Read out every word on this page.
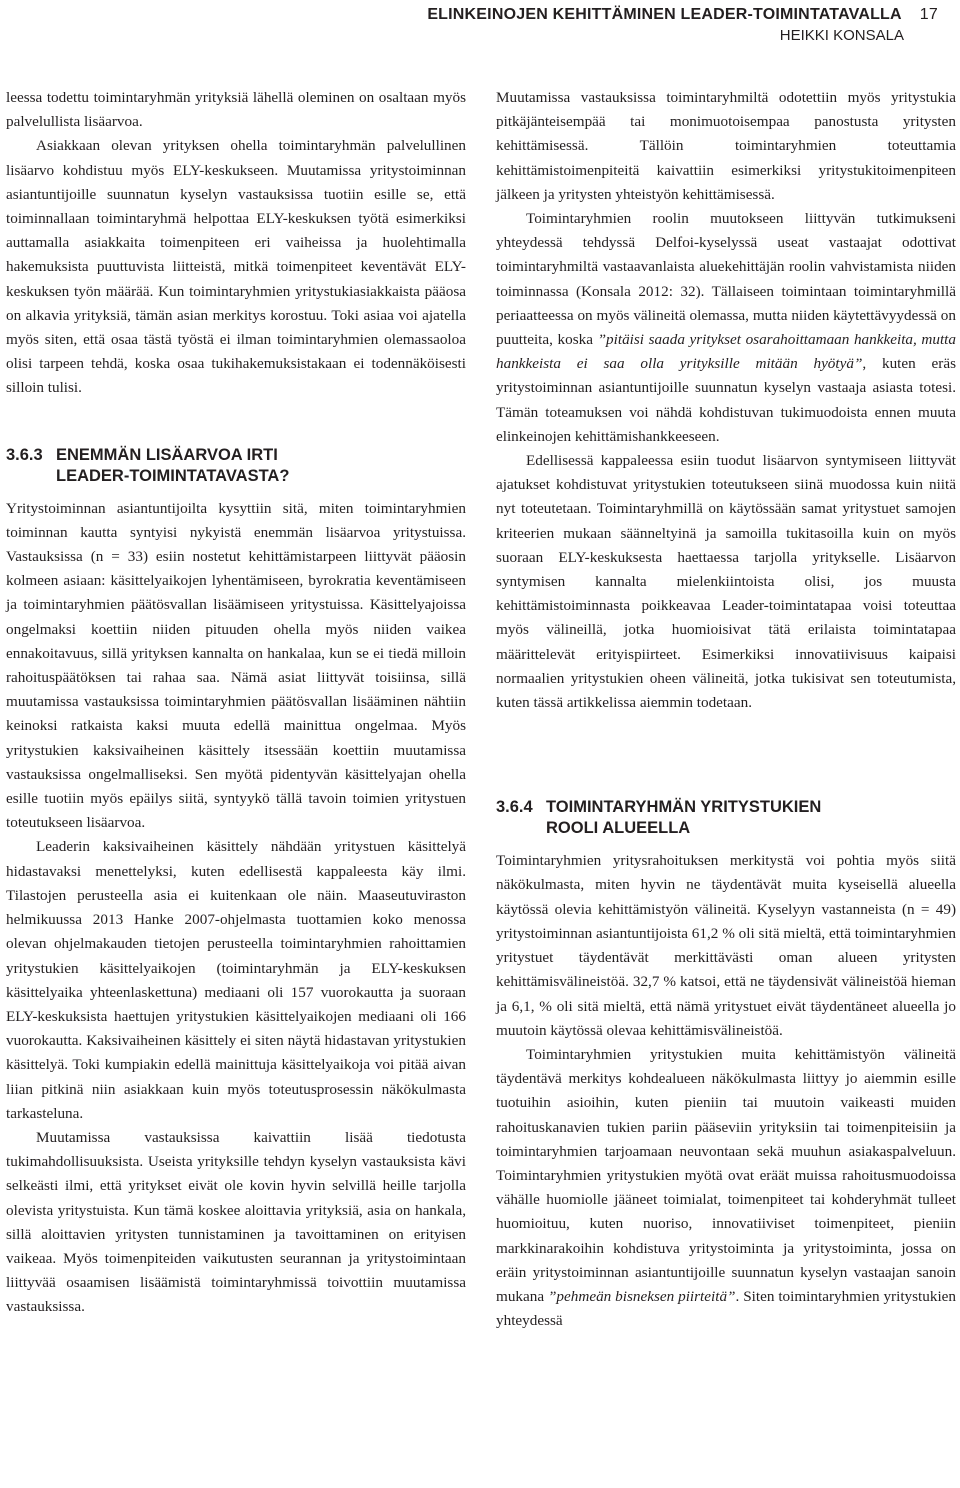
ELINKEINOJEN KEHITTÄMINEN LEADER-TOIMINTATAVALLA 17
HEIKKI KONSALA

leessa todettu toimintaryhmän yrityksiä lähellä oleminen on osaltaan myös palvelullista lisäarvoa.

Asiakkaan olevan yrityksen ohella toimintaryhmän palvelullinen lisäarvo kohdistuu myös ELY-keskukseen. Muutamissa yritystoiminnan asiantuntijoille suunnatun kyselyn vastauksissa tuotiin esille se, että toiminnallaan toimintaryhmä helpottaa ELY-keskuksen työtä esimerkiksi auttamalla asiakkaita toimenpiteen eri vaiheissa ja huolehtimalla hakemuksista puuttuvista liitteistä, mitkä toimenpiteet keventävät ELY-keskuksen työn määrää. Kun toimintaryhmien yritystukiasiakkaista pääosa on alkavia yrityksiä, tämän asian merkitys korostuu. Toki asiaa voi ajatella myös siten, että osaa tästä työstä ei ilman toimintaryhmien olemassaoloa olisi tarpeen tehdä, koska osaa tukihakemuksistakaan ei todennäköisesti silloin tulisi.

3.6.3 ENEMMÄN LISÄARVOA IRTI
LEADER-TOIMINTATAVASTA?

Yritystoiminnan asiantuntijoilta kysyttiin sitä, miten toimintaryhmien toiminnan kautta syntyisi nykyistä enemmän lisäarvoa yritystuissa. Vastauksissa (n = 33) esiin nostetut kehittämistarpeen liittyvät pääosin kolmeen asiaan: käsittelyaikojen lyhentämiseen, byrokratia keventämiseen ja toimintaryhmien päätösvallan lisäämiseen yritystuissa. Käsittelyajoissa ongelmaksi koettiin niiden pituuden ohella myös niiden vaikea ennakoitavuus, sillä yrityksen kannalta on hankalaa, kun se ei tiedä milloin rahoituspäätöksen tai rahaa saa. Nämä asiat liittyvät toisiinsa, sillä muutamissa vastauksissa toimintaryhmien päätösvallan lisääminen nähtiin keinoksi ratkaista kaksi muuta edellä mainittua ongelmaa. Myös yritystukien kaksivaiheinen käsittely itsessään koettiin muutamissa vastauksissa ongelmalliseksi. Sen myötä pidentyvän käsittelyajan ohella esille tuotiin myös epäilys siitä, syntyykö tällä tavoin toimien yritystuen toteutukseen lisäarvoa.

Leaderin kaksivaiheinen käsittely nähdään yritystuen käsittelyä hidastavaksi menettelyksi, kuten edellisestä kappaleesta käy ilmi. Tilastojen perusteella asia ei kuitenkaan ole näin. Maaseutuviraston helmikuussa 2013 Hanke 2007-ohjelmasta tuottamien koko menossa olevan ohjelmakauden tietojen perusteella toimintaryhmien rahoittamien yritystukien käsittelyaikojen (toimintaryhmän ja ELY-keskuksen käsittelyaika yhteenlaskettuna) mediaani oli 157 vuorokautta ja suoraan ELY-keskuksista haettujen yritystukien käsittelyaikojen mediaani oli 166 vuorokautta. Kaksivaiheinen käsittely ei siten näytä hidastavan yritystukien käsittelyä. Toki kumpiakin edellä mainittuja käsittelyaikoja voi pitää aivan liian pitkinä niin asiakkaan kuin myös toteutusprosessin näkökulmasta tarkasteluna.

Muutamissa vastauksissa kaivattiin lisää tiedotusta tukimahdollisuuksista. Useista yrityksille tehdyn kyselyn vastauksista kävi selkeästi ilmi, että yritykset eivät ole kovin hyvin selvillä heille tarjolla olevista yritystuista. Kun tämä koskee aloittavia yrityksiä, asia on hankala, sillä aloittavien yritysten tunnistaminen ja tavoittaminen on erityisen vaikeaa. Myös toimenpiteiden vaikutusten seurannan ja yritystoimintaan liittyvää osaamisen lisäämistä toimintaryhmissä toivottiin muutamissa vastauksissa.

Muutamissa vastauksissa toimintaryhmiltä odotettiin myös yritystukia pitkäjänteisempää tai monimuotoisempaa panostusta yritysten kehittämisessä. Tällöin toimintaryhmien toteuttamia kehittämistoimenpiteitä kaivattiin esimerkiksi yritystukitoimenpiteen jälkeen ja yritysten yhteistyön kehittämisessä.

Toimintaryhmien roolin muutokseen liittyvän tutkimukseni yhteydessä tehdyssä Delfoi-kyselyssä useat vastaajat odottivat toimintaryhmiltä vastaavanlaista aluekehittäjän roolin vahvistamista niiden toiminnassa (Konsala 2012: 32). Tällaiseen toimintaan toimintaryhmillä periaatteessa on myös välineitä olemassa, mutta niiden käytettävyydessä on puutteita, koska ”pitäisi saada yritykset osarahoittamaan hankkeita, mutta hankkeista ei saa olla yrityksille mitään hyötyä”, kuten eräs yritystoiminnan asiantuntijoille suunnatun kyselyn vastaaja asiasta totesi. Tämän toteamuksen voi nähdä kohdistuvan tukimuodoista ennen muuta elinkeinojen kehittämishankkeeseen.

Edellisessä kappaleessa esiin tuodut lisäarvon syntymiseen liittyvät ajatukset kohdistuvat yritystukien toteutukseen siinä muodossa kuin niitä nyt toteutetaan. Toimintaryhmillä on käytössään samat yritystuet samojen kriteerien mukaan säänneltyinä ja samoilla tukitasoilla kuin on myös suoraan ELY-keskuksesta haettaessa tarjolla yritykselle. Lisäarvon syntymisen kannalta mielenkiintoista olisi, jos muusta kehittämistoiminnasta poikkeavaa Leader-toimintatapaa voisi toteuttaa myös välineillä, jotka huomioisivat tätä erilaista toimintatapaa määrittelevät erityispiirteet. Esimerkiksi innovatiivisuus kaipaisi normaalien yritystukien oheen välineitä, jotka tukisivat sen toteutumista, kuten tässä artikkelissa aiemmin todetaan.

3.6.4 TOIMINTARYHMÄN YRITYSTUKIEN
ROOLI ALUEELLA

Toimintaryhmien yritysrahoituksen merkitystä voi pohtia myös siitä näkökulmasta, miten hyvin ne täydentävät muita kyseisellä alueella käytössä olevia kehittämistyön välineitä. Kyselyyn vastanneista (n = 49) yritystoiminnan asiantuntijoista 61,2 % oli sitä mieltä, että toimintaryhmien yritystuet täydentävät merkittävästi oman alueen yritysten kehittämisvälineistöä. 32,7 % katsoi, että ne täydensivät välineistöä hieman ja 6,1, % oli sitä mieltä, että nämä yritystuet eivät täydentäneet alueella jo muutoin käytössä olevaa kehittämisvälineistöä.

Toimintaryhmien yritystukien muita kehittämistyön välineitä täydentävä merkitys kohdealueen näkökulmasta liittyy jo aiemmin esille tuotuihin asioihin, kuten pieniin tai muutoin vaikeasti muiden rahoituskanavien tukien pariin pääseviin yrityksiin tai toimenpiteisiin ja toimintaryhmien tarjoamaan neuvontaan sekä muuhun asiakaspalveluun. Toimintaryhmien yritystukien myötä ovat eräät muissa rahoitusmuodoissa vähälle huomiolle jääneet toimialat, toimenpiteet tai kohderyhmät tulleet huomioituu, kuten nuoriso, innovatiiviset toimenpiteet, pieniin markkinarakoihin kohdistuva yritystoiminta ja yritystoiminta, jossa on eräin yritystoiminnan asiantuntijoille suunnatun kyselyn vastaajan sanoin mukana ”pehmeän bisneksen piirteitä”. Siten toimintaryhmien yritystukien yhteydessä
